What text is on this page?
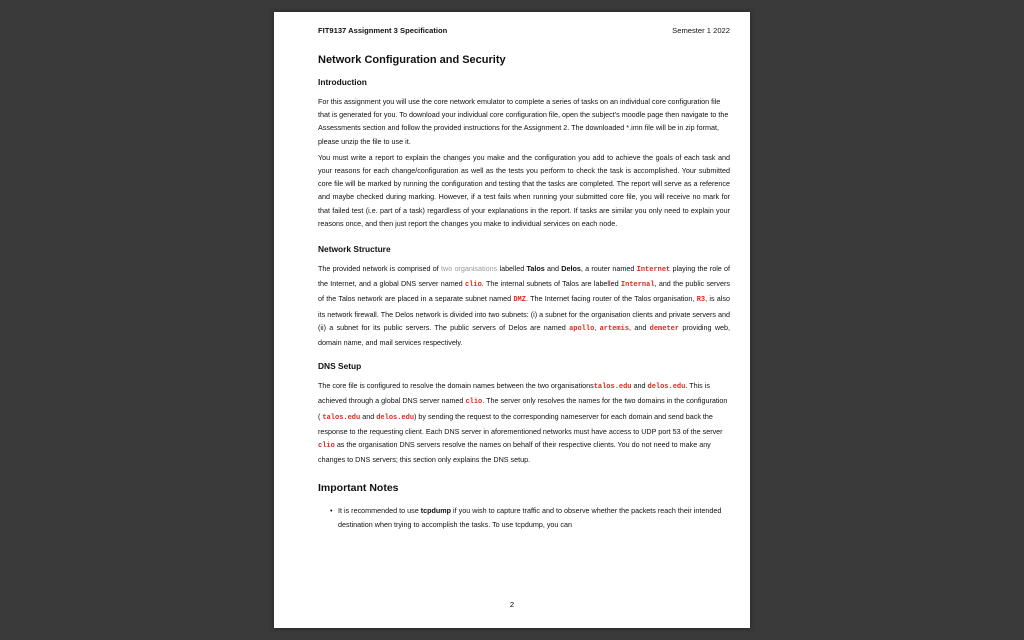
FIT9137 Assignment 3 Specification	Semester 1 2022
Network Configuration and Security
Introduction
For this assignment you will use the core network emulator to complete a series of tasks on an individual core configuration file that is generated for you. To download your individual core configuration file, open the subject's moodle page then navigate to the Assessments section and follow the provided instructions for the Assignment 2. The downloaded *.imn file will be in zip format, please unzip the file to use it.
You must write a report to explain the changes you make and the configuration you add to achieve the goals of each task and your reasons for each change/configuration as well as the tests you perform to check the task is accomplished. Your submitted core file will be marked by running the configuration and testing that the tasks are completed. The report will serve as a reference and maybe checked during marking. However, if a test fails when running your submitted core file, you will receive no mark for that failed test (i.e. part of a task) regardless of your explanations in the report. If tasks are similar you only need to explain your reasons once, and then just report the changes you make to individual services on each node.
Network Structure
The provided network is comprised of two organisations labelled Talos and Delos, a router named Internet playing the role of the Internet, and a global DNS server named clio. The internal subnets of Talos are labelled Internal, and the public servers of the Talos network are placed in a separate subnet named DMZ. The Internet facing router of the Talos organisation, R3, is also its network firewall. The Delos network is divided into two subnets: (i) a subnet for the organisation clients and private servers and (ii) a subnet for its public servers. The public servers of Delos are named apollo, artemis, and demeter providing web, domain name, and mail services respectively.
DNS Setup
The core file is configured to resolve the domain names between the two organisationstalos.edu and delos.edu. This is achieved through a global DNS server named clio. The server only resolves the names for the two domains in the configuration ( talos.edu and delos.edu) by sending the request to the corresponding nameserver for each domain and send back the response to the requesting client. Each DNS server in aforementioned networks must have access to UDP port 53 of the server clio as the organisation DNS servers resolve the names on behalf of their respective clients. You do not need to make any changes to DNS servers; this section only explains the DNS setup.
Important Notes
• It is recommended to use tcpdump if you wish to capture traffic and to observe whether the packets reach their intended destination when trying to accomplish the tasks. To use tcpdump, you can
2
